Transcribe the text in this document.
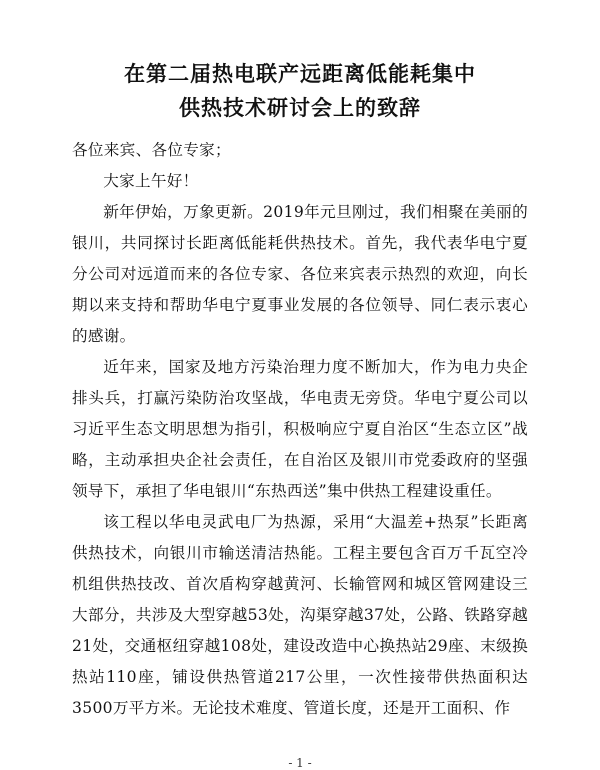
在第二届热电联产远距离低能耗集中
供热技术研讨会上的致辞

各位来宾、各位专家；

大家上午好！

新年伊始，万象更新。2019年元旦刚过，我们相聚在美丽的银川，共同探讨长距离低能耗供热技术。首先，我代表华电宁夏分公司对远道而来的各位专家、各位来宾表示热烈的欢迎，向长期以来支持和帮助华电宁夏事业发展的各位领导、同仁表示衷心的感谢。

近年来，国家及地方污染治理力度不断加大，作为电力央企排头兵，打赢污染防治攻坚战，华电责无旁贷。华电宁夏公司以习近平生态文明思想为指引，积极响应宁夏自治区“生态立区”战略，主动承担央企社会责任，在自治区及银川市党委政府的坚强领导下，承担了华电银川“东热西送”集中供热工程建设重任。

该工程以华电灵武电厂为热源，采用“大温差+热泵”长距离供热技术，向银川市输送清洁热能。工程主要包含百万千瓦空冷机组供热技改、首次盾构穿越黄河、长输管网和城区管网建设三大部分，共涉及大型穿越53处，沟渠穿越37处，公路、铁路穿越21处，交通枢纽穿越108处，建设改造中心换热站29座、末级换热站110座，铺设供热管道217公里，一次性接带供热面积达3500万平方米。无论技术难度、管道长度，还是开工面积、作

- 1 -
